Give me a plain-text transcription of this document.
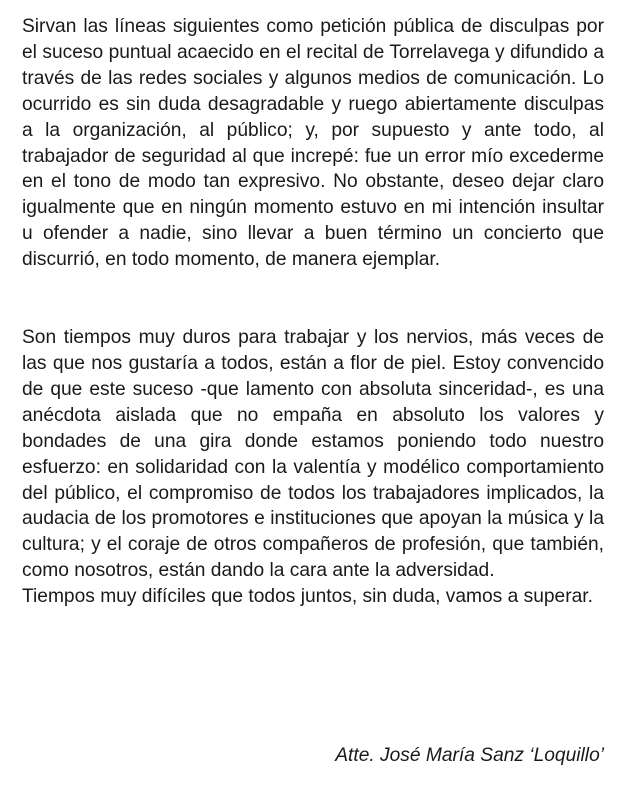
Sirvan las líneas siguientes como petición pública de disculpas por el suceso puntual acaecido en el recital de Torrelavega y difundido a través de las redes sociales y algunos medios de comunicación. Lo ocurrido es sin duda desagradable y ruego abiertamente disculpas a la organización, al público; y, por supuesto y ante todo, al trabajador de seguridad al que increpé: fue un error mío excederme en el tono de modo tan expresivo. No obstante, deseo dejar claro igualmente que en ningún momento estuvo en mi intención insultar u ofender a nadie, sino llevar a buen término un concierto que discurrió, en todo momento, de manera ejemplar.

Son tiempos muy duros para trabajar y los nervios, más veces de las que nos gustaría a todos, están a flor de piel. Estoy convencido de que este suceso -que lamento con absoluta sinceridad-, es una anécdota aislada que no empaña en absoluto los valores y bondades de una gira donde estamos poniendo todo nuestro esfuerzo: en solidaridad con la valentía y modélico comportamiento del público, el compromiso de todos los trabajadores implicados, la audacia de los promotores e instituciones que apoyan la música y la cultura; y el coraje de otros compañeros de profesión, que también, como nosotros, están dando la cara ante la adversidad.

Tiempos muy difíciles que todos juntos, sin duda, vamos a superar.

Atte. José María Sanz ‘Loquillo’
